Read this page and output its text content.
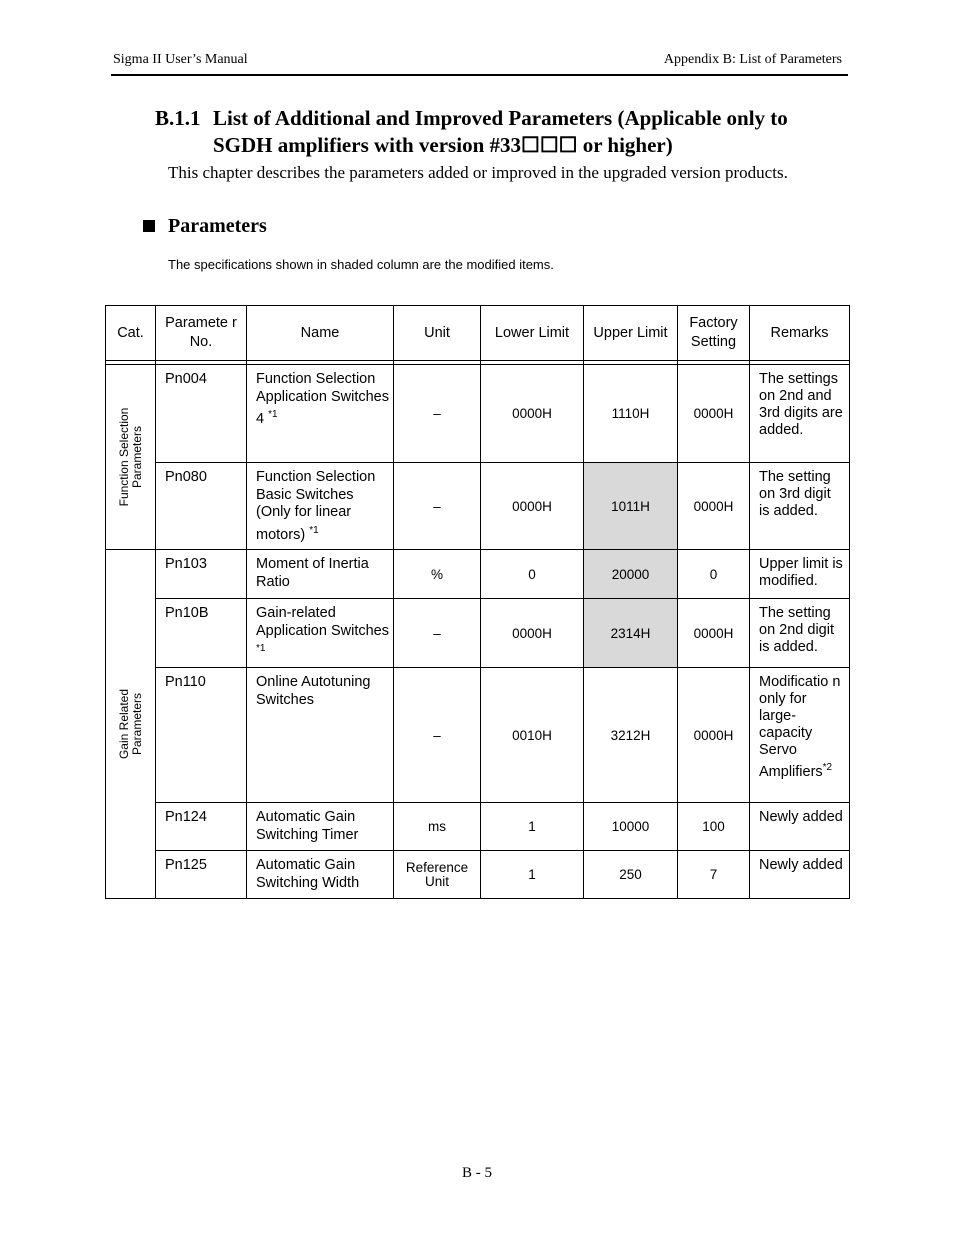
Sigma II User’s Manual	Appendix B: List of Parameters
B.1.1 List of Additional and Improved Parameters (Applicable only to
SGDH amplifiers with version #33☐☐☐ or higher)
This chapter describes the parameters added or improved in the upgraded version products.
Parameters
The specifications shown in shaded column are the modified items.
Cat.	Paramete r No.	Name	Unit	Lower Limit	Upper Limit	Factory Setting	Remarks

Function Selection Parameters	Pn004	Function Selection Application Switches 4 $^{*1}$	–	0000H	1110H	0000H	The settings on 2nd and 3rd digits are added.
	Pn080	Function Selection Basic Switches (Only for linear motors) $^{*1}$	–	0000H	1011H	0000H	The setting on 3rd digit is added.

Gain Related Parameters	Pn103	Moment of Inertia Ratio	%	0	20000	0	Upper limit is modified.
	Pn10B	Gain-related Application Switches $^{*1}$	–	0000H	2314H	0000H	The setting on 2nd digit is added.
	Pn110	Online Autotuning Switches	–	0010H	3212H	0000H	Modificatio n only for large- capacity Servo Amplifiers$^{*2}$
	Pn124	Automatic Gain Switching Timer	ms	1	10000	100	Newly added
	Pn125	Automatic Gain Switching Width	Reference Unit	1	250	7	Newly added
B - 5
